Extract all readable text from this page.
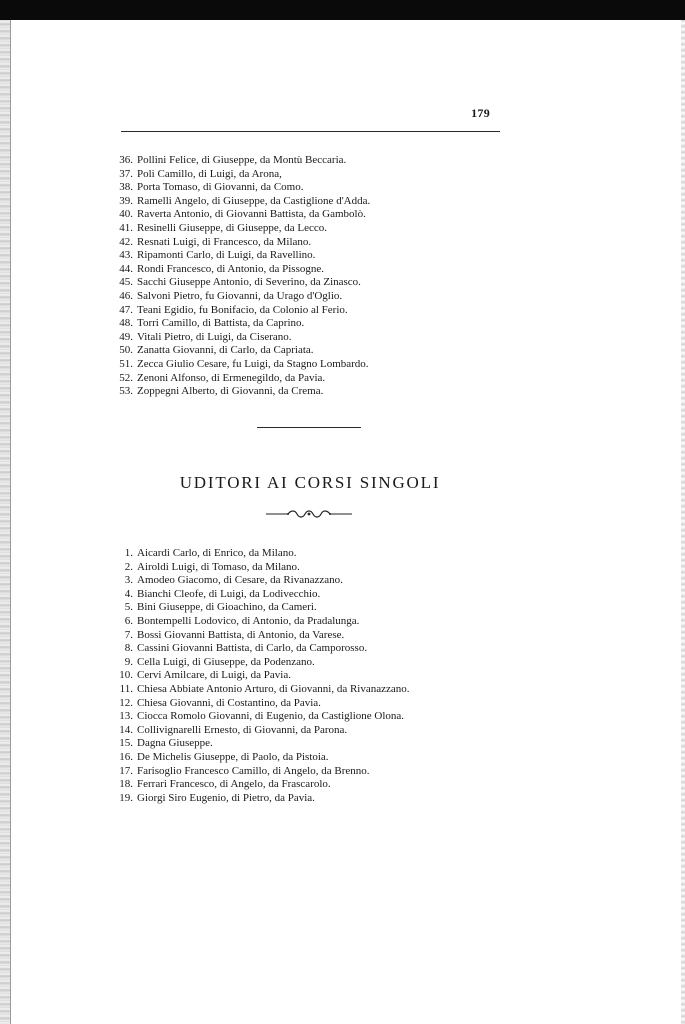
179
36. Pollini Felice, di Giuseppe, da Montù Beccaria.
37. Poli Camillo, di Luigi, da Arona,
38. Porta Tomaso, di Giovanni, da Como.
39. Ramelli Angelo, di Giuseppe, da Castiglione d'Adda.
40. Raverta Antonio, di Giovanni Battista, da Gambolò.
41. Resinelli Giuseppe, di Giuseppe, da Lecco.
42. Resnati Luigi, di Francesco, da Milano.
43. Ripamonti Carlo, di Luigi, da Ravellino.
44. Rondi Francesco, di Antonio, da Pissogne.
45. Sacchi Giuseppe Antonio, di Severino, da Zinasco.
46. Salvoni Pietro, fu Giovanni, da Urago d'Oglio.
47. Teani Egidio, fu Bonifacio, da Colonio al Ferio.
48. Torri Camillo, di Battista, da Caprino.
49. Vitali Pietro, di Luigi, da Ciserano.
50. Zanatta Giovanni, di Carlo, da Capriata.
51. Zecca Giulio Cesare, fu Luigi, da Stagno Lombardo.
52. Zenoni Alfonso, di Ermenegildo, da Pavia.
53. Zoppegni Alberto, di Giovanni, da Crema.
UDITORI AI CORSI SINGOLI
1. Aicardi Carlo, di Enrico, da Milano.
2. Airoldi Luigi, di Tomaso, da Milano.
3. Amodeo Giacomo, di Cesare, da Rivanazzano.
4. Bianchi Cleofe, di Luigi, da Lodivecchio.
5. Bini Giuseppe, di Gioachino, da Cameri.
6. Bontempelli Lodovico, di Antonio, da Pradalunga.
7. Bossi Giovanni Battista, di Antonio, da Varese.
8. Cassini Giovanni Battista, di Carlo, da Camporosso.
9. Cella Luigi, di Giuseppe, da Podenzano.
10. Cervi Amilcare, di Luigi, da Pavia.
11. Chiesa Abbiate Antonio Arturo, di Giovanni, da Rivanazzano.
12. Chiesa Giovanni, di Costantino, da Pavia.
13. Ciocca Romolo Giovanni, di Eugenio, da Castiglione Olona.
14. Collivignarelli Ernesto, di Giovanni, da Parona.
15. Dagna Giuseppe.
16. De Michelis Giuseppe, di Paolo, da Pistoia.
17. Farisoglio Francesco Camillo, di Angelo, da Brenno.
18. Ferrari Francesco, di Angelo, da Frascarolo.
19. Giorgi Siro Eugenio, di Pietro, da Pavia.
